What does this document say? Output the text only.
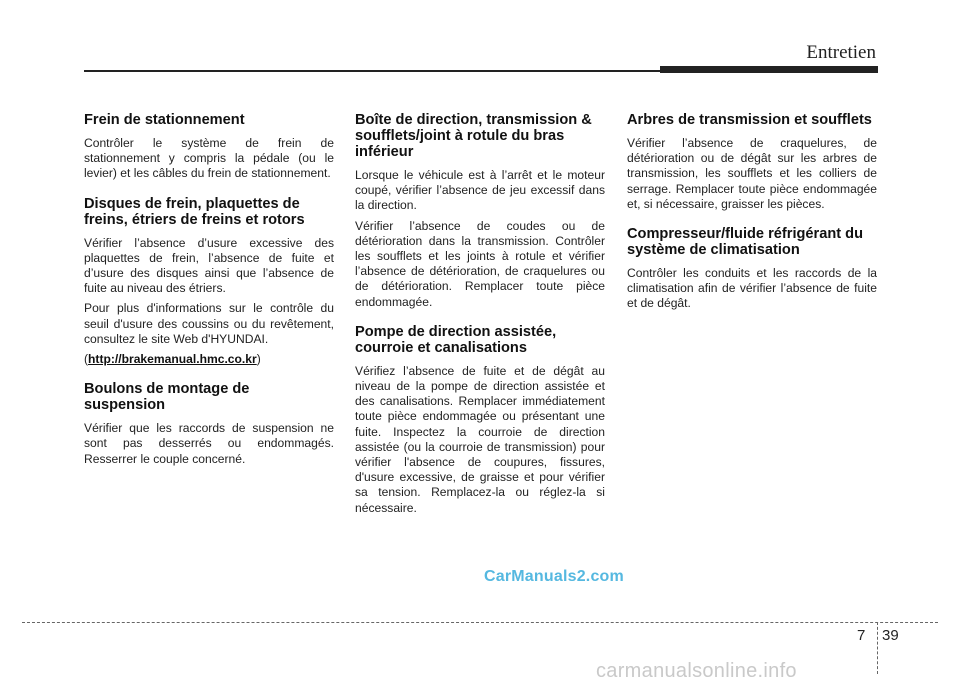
Entretien
Frein de stationnement

Contrôler le système de frein de stationnement y compris la pédale (ou le levier) et les câbles du frein de stationnement.

Disques de frein, plaquettes de freins, étriers de freins et rotors

Vérifier l’absence d’usure excessive des plaquettes de frein, l’absence de fuite et d’usure des disques ainsi que l’absence de fuite au niveau des étriers.

Pour plus d'informations sur le contrôle du seuil d'usure des coussins ou du revêtement, consultez le site Web d'HYUNDAI.

(http://brakemanual.hmc.co.kr)

Boulons de montage de suspension

Vérifier que les raccords de suspension ne sont pas desserrés ou endommagés. Resserrer le couple concerné.

Boîte de direction, transmission & soufflets/joint à rotule du bras inférieur

Lorsque le véhicule est à l’arrêt et le moteur coupé, vérifier l’absence de jeu excessif dans la direction.

Vérifier l’absence de coudes ou de détérioration dans la transmission. Contrôler les soufflets et les joints à rotule et vérifier l’absence de détérioration, de craquelures ou de détérioration. Remplacer toute pièce endommagée.

Pompe de direction assistée, courroie et canalisations

Vérifiez l’absence de fuite et de dégât au niveau de la pompe de direction assistée et des canalisations. Remplacer immédiatement toute pièce endommagée ou présentant une fuite. Inspectez la courroie de direction assistée (ou la courroie de transmission) pour vérifier l'absence de coupures, fissures, d'usure excessive, de graisse et pour vérifier sa tension. Remplacez-la ou réglez-la si nécessaire.

Arbres de transmission et soufflets

Vérifier l’absence de craquelures, de détérioration ou de dégât sur les arbres de transmission, les soufflets et les colliers de serrage. Remplacer toute pièce endommagée et, si nécessaire, graisser les pièces.

Compresseur/fluide réfrigérant du système de climatisation

Contrôler les conduits et les raccords de la climatisation afin de vérifier l’absence de fuite et de dégât.

CarManuals2.com
7 39
carmanualsonline.info
